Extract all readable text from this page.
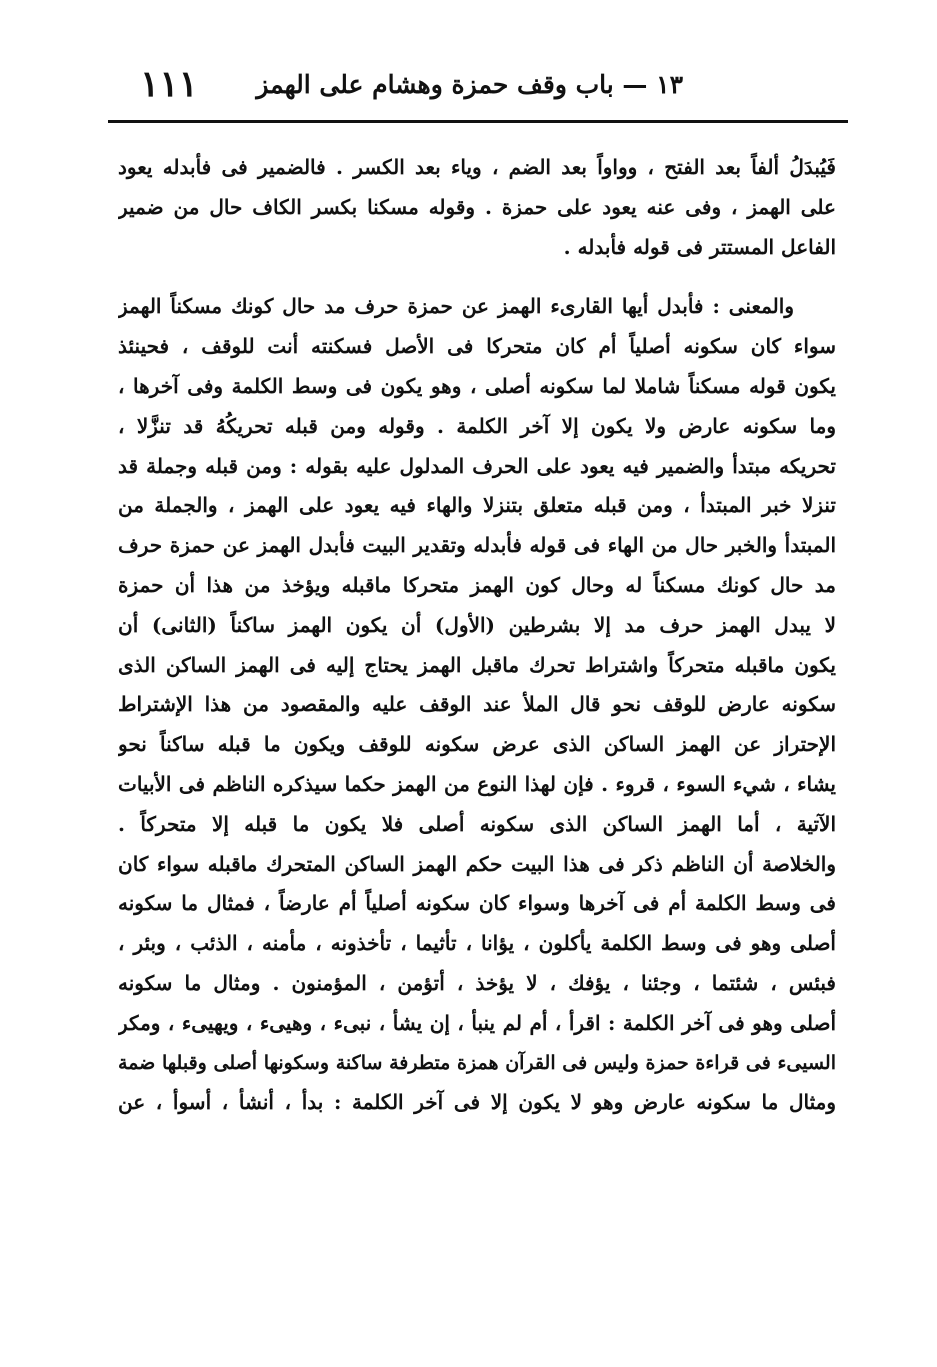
١١١ ١٣ — باب وقف حمزة وهشام على الهمز
فَيُبدَلُ ألفاً بعد الفتح ، وواواً بعد الضم ، وياء بعد الكسر . فالضمير فى فأبدله يعود
على الهمز ، وفى عنه يعود على حمزة . وقوله مسكنا بكسر الكاف حال من ضمير
الفاعل المستتر فى قوله فأبدله .
والمعنى : فأبدل أيها القارىء الهمز عن حمزة حرف مد حال كونك مسكناً الهمز
سواء كان سكونه أصلياً أم كان متحركا فى الأصل فسكنته أنت للوقف ، فحينئذ
يكون قوله مسكناً شاملا لما سكونه أصلى ، وهو يكون فى وسط الكلمة وفى آخرها ،
وما سكونه عارض ولا يكون إلا آخر الكلمة . وقوله ومن قبله تحريكُهُ قد تنزَّلا ،
تحريكه مبتدأ والضمير فيه يعود على الحرف المدلول عليه بقوله : ومن قبله وجملة قد
تنزلا خبر المبتدأ ، ومن قبله متعلق بتنزلا والهاء فيه يعود على الهمز ، والجملة من
المبتدأ والخبر حال من الهاء فى قوله فأبدله وتقدير البيت فأبدل الهمز عن حمزة حرف
مد حال كونك مسكناً له وحال كون الهمز متحركا ماقبله ويؤخذ من هذا أن حمزة
لا يبدل الهمز حرف مد إلا بشرطين (الأول) أن يكون الهمز ساكناً (الثانى) أن
يكون ماقبله متحركاً واشتراط تحرك ماقبل الهمز يحتاج إليه فى الهمز الساكن الذى
سكونه عارض للوقف نحو قال الملأ عند الوقف عليه والمقصود من هذا الإشتراط
الإحتراز عن الهمز الساكن الذى عرض سكونه للوقف ويكون ما قبله ساكناً نحو
يشاء ، شيء السوء ، قروء . فإن لهذا النوع من الهمز حكما سيذكره الناظم فى الأبيات
الآتية ، أما الهمز الساكن الذى سكونه أصلى فلا يكون ما قبله إلا متحركاً .
والخلاصة أن الناظم ذكر فى هذا البيت حكم الهمز الساكن المتحرك ماقبله سواء كان
فى وسط الكلمة أم فى آخرها وسواء كان سكونه أصلياً أم عارضاً ، فمثال ما سكونه
أصلى وهو فى وسط الكلمة يأكلون ، يؤانا ، تأثيما ، تأخذونه ، مأمنه ، الذئب ، وبئر ،
فبئس ، شئتما ، وجئنا ، يؤفك ، لا يؤخذ ، أتؤمن ، المؤمنون . ومثال ما سكونه
أصلى وهو فى آخر الكلمة : اقرأ ، أم لم ينبأ ، إن يشأ ، نبىء ، وهيىء ، ويهيىء ، ومكر
السيىء فى قراءة حمزة وليس فى القرآن همزة متطرفة ساكنة وسكونها أصلى وقبلها ضمة
ومثال ما سكونه عارض وهو لا يكون إلا فى آخر الكلمة : بدأ ، أنشأ ، أسوأ ، عن
